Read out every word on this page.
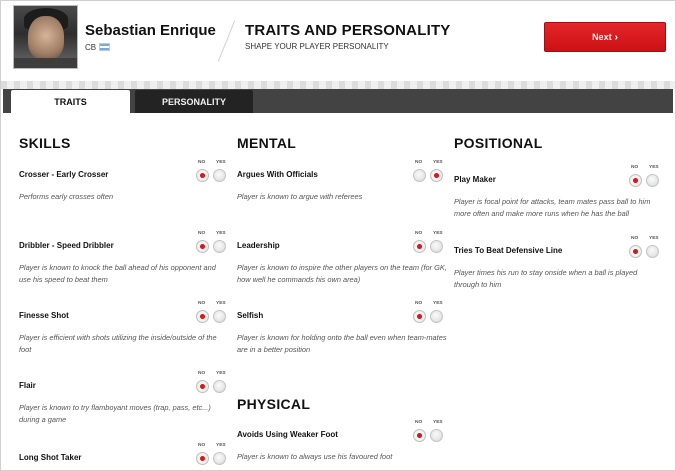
Sebastian Enrique
CB
TRAITS AND PERSONALITY
SHAPE YOUR PLAYER PERSONALITY
Next ›
TRAITS	PERSONALITY
SKILLS	MENTAL
PHYSICAL
POSITIONAL
NO YES
Crosser - Early Crosser
Performs early crosses often
NO YES
Dribbler - Speed Dribbler
Player is known to knock the ball ahead of his opponent and use his speed to beat them
NO YES
Finesse Shot
Player is efficient with shots utilizing the inside/outside of the foot
NO YES
Flair
Player is known to try flamboyant moves (trap, pass, etc...) during a game
NO YES
Long Shot Taker
NO YES
Argues With Officials
Player is known to argue with referees
NO YES
Leadership
Player is known to inspire the other players on the team (for GK, how well he commands his own area)
NO YES
Selfish
Player is known for holding onto the ball even when team-mates are in a better position
NO YES
Avoids Using Weaker Foot
Player is known to always use his favoured foot
NO YES
Play Maker
Player is focal point for attacks, team mates pass ball to him more often and make more runs when he has the ball
NO YES
Tries To Beat Defensive Line
Player times his run to stay onside when a ball is played through to him
